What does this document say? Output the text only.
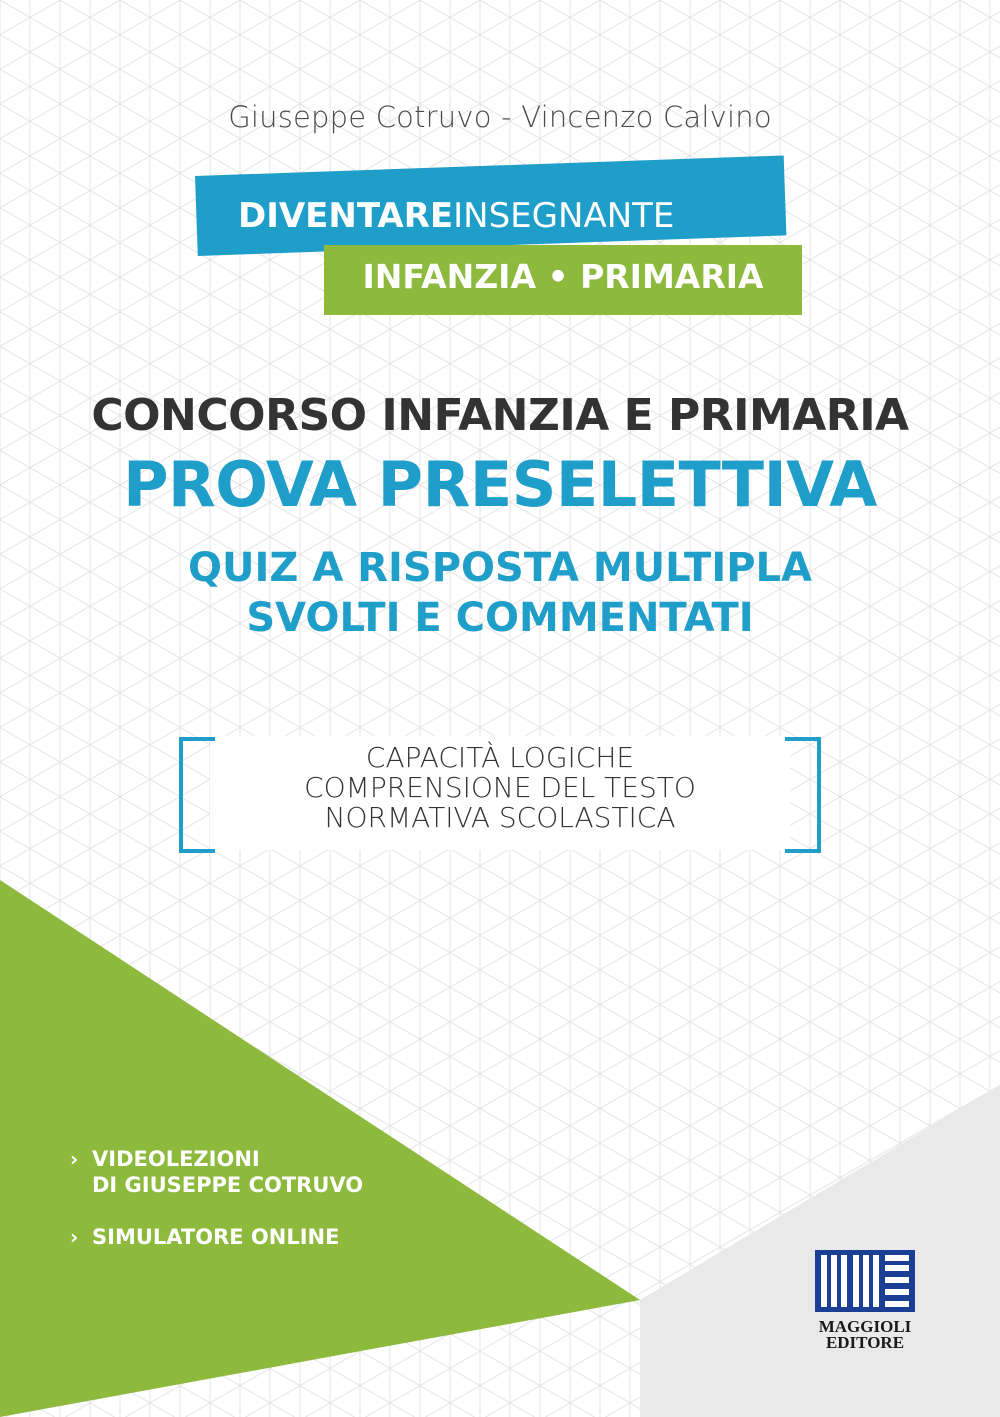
Giuseppe Cotruvo - Vincenzo Calvino
DIVENTAREINSEGNANTE
INFANZIA • PRIMARIA
CONCORSO INFANZIA E PRIMARIA
PROVA PRESELETTIVA
QUIZ A RISPOSTA MULTIPLA
SVOLTI E COMMENTATI
CAPACITÀ LOGICHE
COMPRENSIONE DEL TESTO
NORMATIVA SCOLASTICA
› VIDEOLEZIONI
DI GIUSEPPE COTRUVO
› SIMULATORE ONLINE
MAGGIOLI
EDITORE
